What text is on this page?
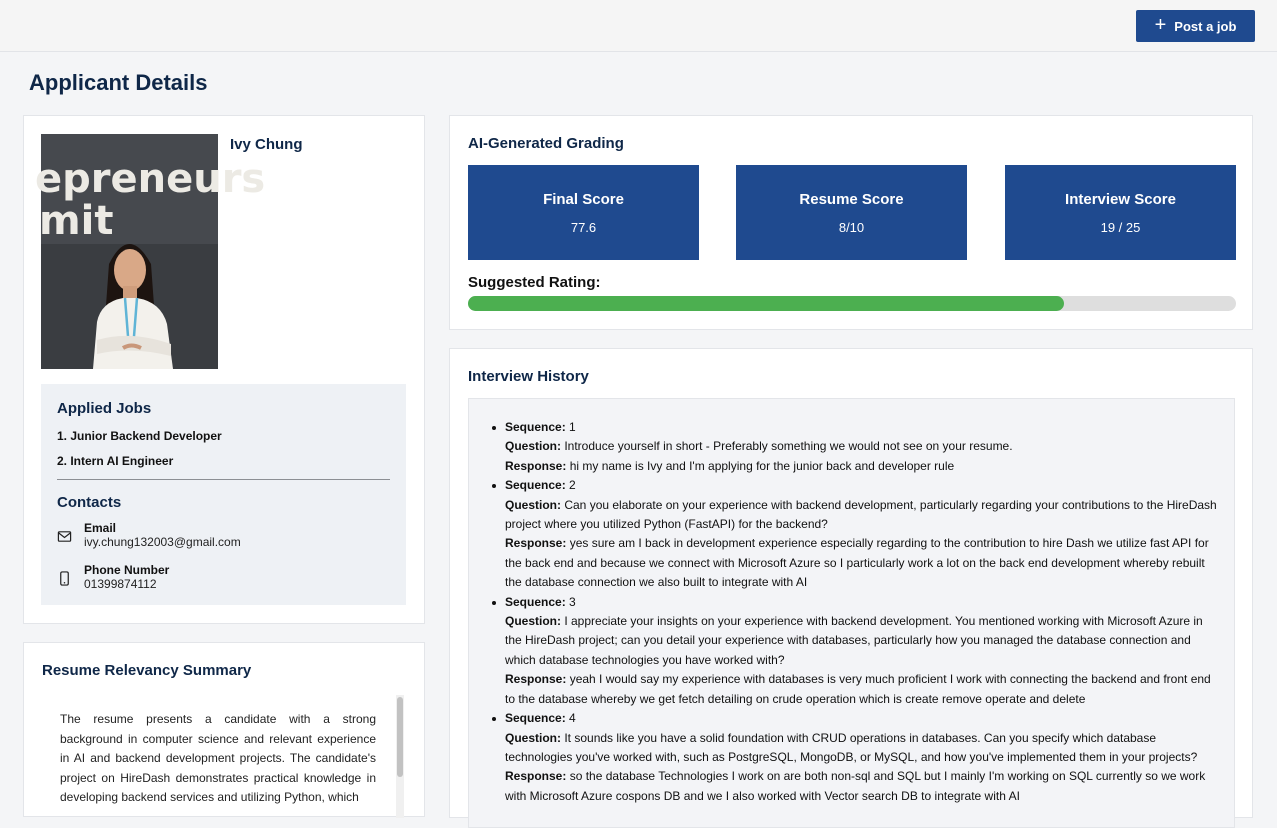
+ Post a job
Applicant Details
epreneurs
mit
Ivy Chung
Applied Jobs
1. Junior Backend Developer
2. Intern AI Engineer
Contacts
Email
ivy.chung132003@gmail.com
Phone Number
01399874112
Resume Relevancy Summary
The resume presents a candidate with a strong background in computer science and relevant experience in AI and backend development projects. The candidate's project on HireDash demonstrates practical knowledge in developing backend services and utilizing Python, which
AI-Generated Grading
Final Score
77.6
Resume Score
8/10
Interview Score
19 / 25
Suggested Rating:
Interview History
Sequence: 1
Question: Introduce yourself in short - Preferably something we would not see on your resume.
Response: hi my name is Ivy and I'm applying for the junior back and developer rule
Sequence: 2
Question: Can you elaborate on your experience with backend development, particularly regarding your contributions to the HireDash project where you utilized Python (FastAPI) for the backend?
Response: yes sure am I back in development experience especially regarding to the contribution to hire Dash we utilize fast API for the back end and because we connect with Microsoft Azure so I particularly work a lot on the back end development whereby rebuilt the database connection we also built to integrate with AI
Sequence: 3
Question: I appreciate your insights on your experience with backend development. You mentioned working with Microsoft Azure in the HireDash project; can you detail your experience with databases, particularly how you managed the database connection and which database technologies you have worked with?
Response: yeah I would say my experience with databases is very much proficient I work with connecting the backend and front end to the database whereby we get fetch detailing on crude operation which is create remove operate and delete
Sequence: 4
Question: It sounds like you have a solid foundation with CRUD operations in databases. Can you specify which database technologies you've worked with, such as PostgreSQL, MongoDB, or MySQL, and how you've implemented them in your projects?
Response: so the database Technologies I work on are both non-sql and SQL but I mainly I'm working on SQL currently so we work with Microsoft Azure cospons DB and we I also worked with Vector search DB to integrate with AI
